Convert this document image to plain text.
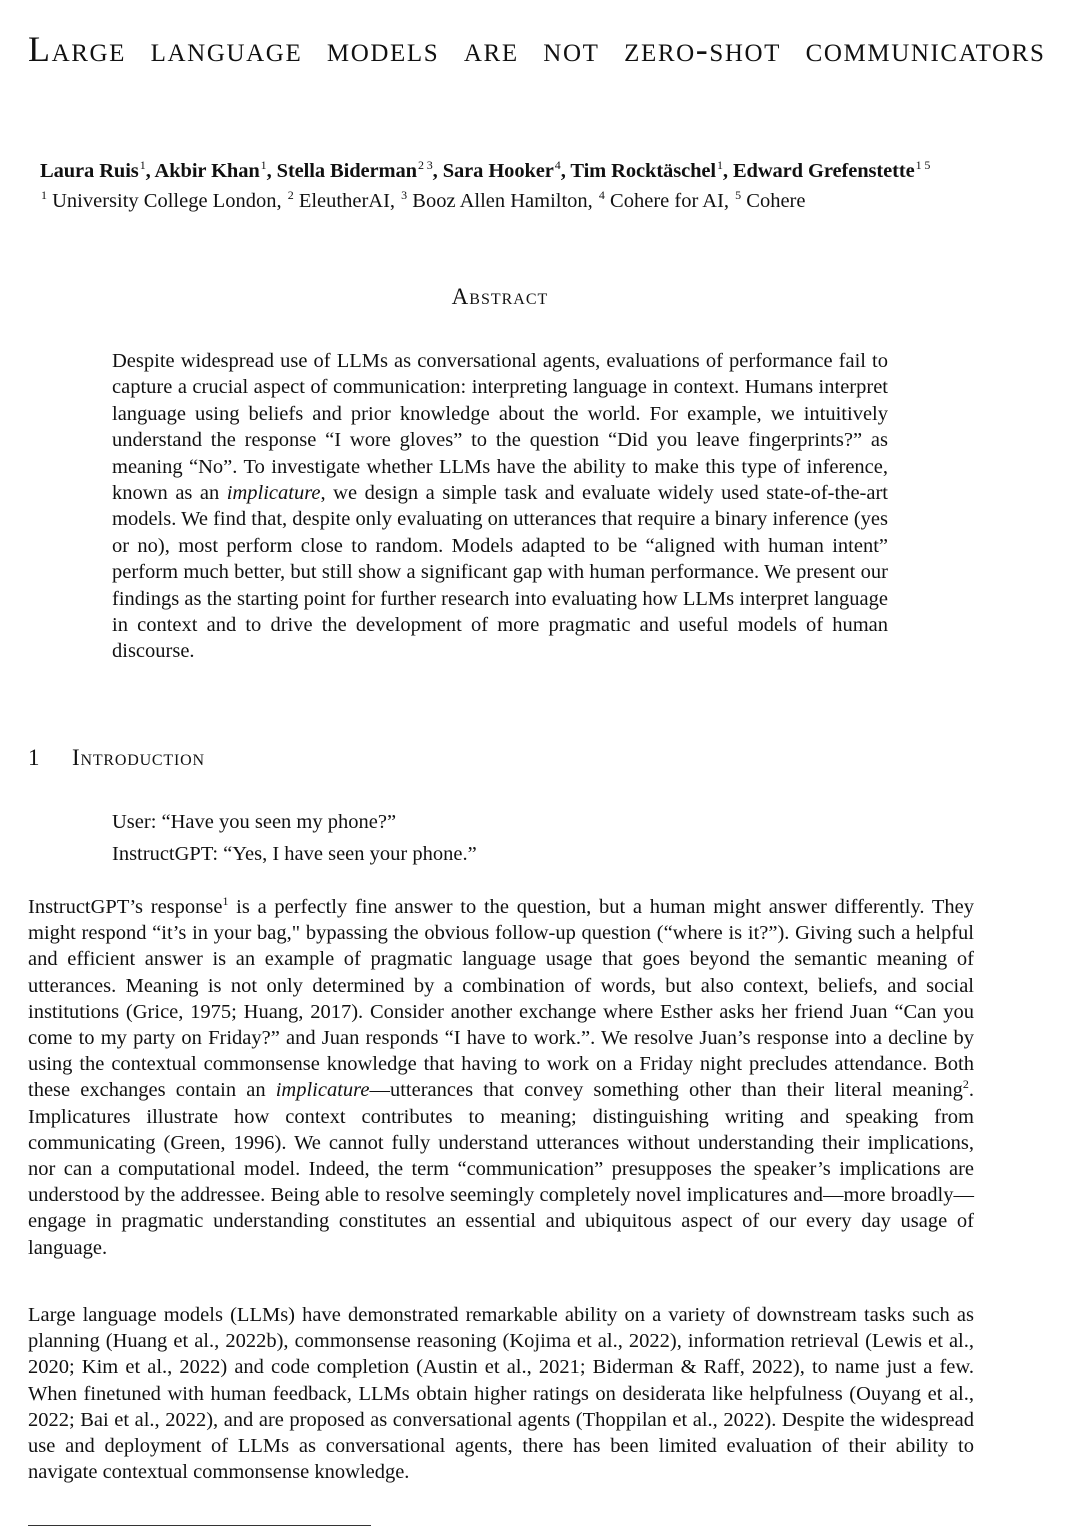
Large language models are not zero-shot communicators
Laura Ruis$^1$, Akbir Khan$^1$, Stella Biderman$^{2 3}$, Sara Hooker$^4$, Tim Rocktäschel$^1$, Edward Grefenstette$^{1 5}$
$^1$ University College London, $^2$ EleutherAI, $^3$ Booz Allen Hamilton, $^4$ Cohere for AI, $^5$ Cohere
Abstract

Despite widespread use of LLMs as conversational agents, evaluations of performance fail to capture a crucial aspect of communication: interpreting language in context. Humans interpret language using beliefs and prior knowledge about the world. For example, we intuitively understand the response “I wore gloves” to the question “Did you leave fingerprints?” as meaning “No”. To investigate whether LLMs have the ability to make this type of inference, known as an implicature, we design a simple task and evaluate widely used state-of-the-art models. We find that, despite only evaluating on utterances that require a binary inference (yes or no), most perform close to random. Models adapted to be “aligned with human intent” perform much better, but still show a significant gap with human performance. We present our findings as the starting point for further research into evaluating how LLMs interpret language in context and to drive the development of more pragmatic and useful models of human discourse.

1 Introduction
User: “Have you seen my phone?”
InstructGPT: “Yes, I have seen your phone.”

InstructGPT’s response$^1$ is a perfectly fine answer to the question, but a human might answer differently. They might respond “it’s in your bag," bypassing the obvious follow-up question (“where is it?”). Giving such a helpful and efficient answer is an example of pragmatic language usage that goes beyond the semantic meaning of utterances. Meaning is not only determined by a combination of words, but also context, beliefs, and social institutions (Grice, 1975; Huang, 2017). Consider another exchange where Esther asks her friend Juan “Can you come to my party on Friday?” and Juan responds “I have to work.”. We resolve Juan’s response into a decline by using the contextual commonsense knowledge that having to work on a Friday night precludes attendance. Both these exchanges contain an implicature—utterances that convey something other than their literal meaning$^2$. Implicatures illustrate how context contributes to meaning; distinguishing writing and speaking from communicating (Green, 1996). We cannot fully understand utterances without understanding their implications, nor can a computational model. Indeed, the term “communication” presupposes the speaker’s implications are understood by the addressee. Being able to resolve seemingly completely novel implicatures and—more broadly—engage in pragmatic understanding constitutes an essential and ubiquitous aspect of our every day usage of language.

Large language models (LLMs) have demonstrated remarkable ability on a variety of downstream tasks such as planning (Huang et al., 2022b), commonsense reasoning (Kojima et al., 2022), information retrieval (Lewis et al., 2020; Kim et al., 2022) and code completion (Austin et al., 2021; Biderman & Raff, 2022), to name just a few. When finetuned with human feedback, LLMs obtain higher ratings on desiderata like helpfulness (Ouyang et al., 2022; Bai et al., 2022), and are proposed as conversational agents (Thoppilan et al., 2022). Despite the widespread use and deployment of LLMs as conversational agents, there has been limited evaluation of their ability to navigate contextual commonsense knowledge.
